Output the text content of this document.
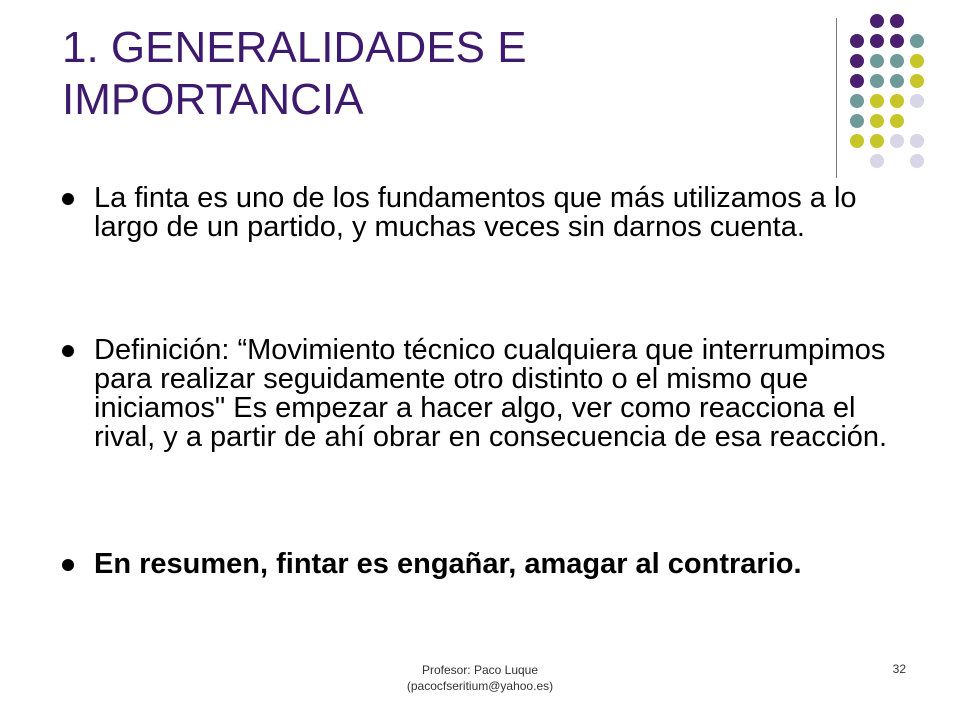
1. GENERALIDADES E IMPORTANCIA
La finta es uno de los fundamentos que más utilizamos a lo largo de un partido, y muchas veces sin darnos cuenta.
Definición: “Movimiento técnico cualquiera que interrumpimos para realizar seguidamente otro distinto o el mismo que iniciamos" Es empezar a hacer algo, ver como reacciona el rival, y a partir de ahí obrar en consecuencia de esa reacción.
En resumen, fintar es engañar, amagar al contrario.
Profesor: Paco Luque
(pacocfseritium@yahoo.es)
32
